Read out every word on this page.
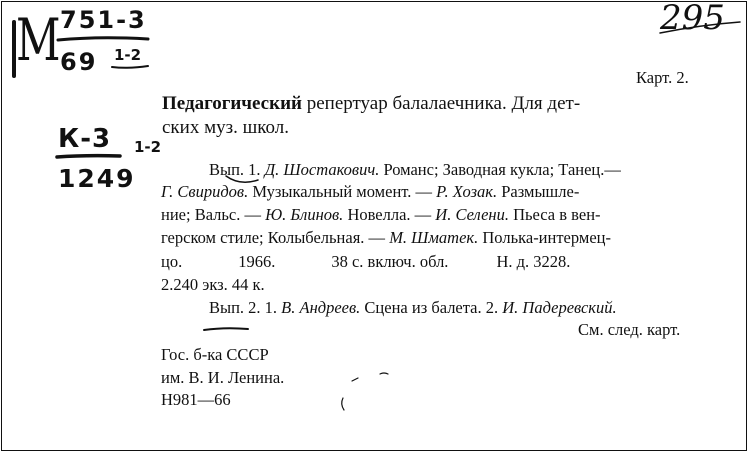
М 751-3
69 1-2
295
К-3
1249
1-2
Карт. 2.
Педагогический репертуар балалаечника. Для дет-
ских муз. школ.
Вып. 1. Д. Шостакович. Романс; Заводная кукла; Танец.—
Г. Свиридов. Музыкальный момент. — Р. Хозак. Размышле-
ние; Вальс. — Ю. Блинов. Новелла. — И. Селени. Пьеса в вен-
герском стиле; Колыбельная. — М. Шматек. Полька-интермец-
цо.	1966.	38 с. включ. обл.	Н. д. 3228.
2.240 экз. 44 к.
Вып. 2. 1. В. Андреев. Сцена из балета. 2. И. Падеревский.
См. след. карт.
Гос. б-ка СССР
им. В. И. Ленина.
Н981—66
